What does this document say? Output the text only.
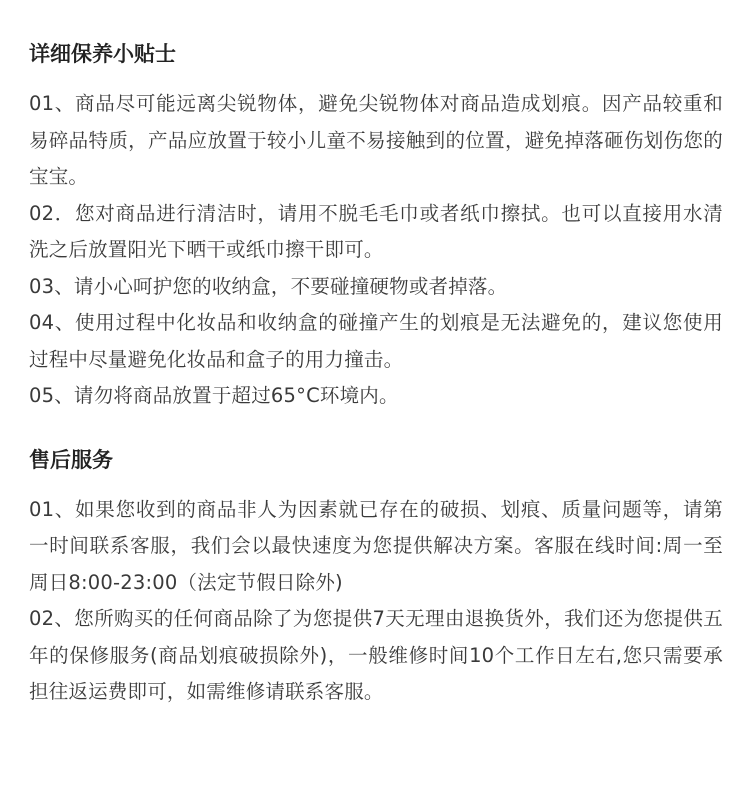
详细保养小贴士

01、商品尽可能远离尖锐物体，避免尖锐物体对商品造成划痕。因产品较重和易碎品特质，产品应放置于较小儿童不易接触到的位置，避免掉落砸伤划伤您的宝宝。

02．您对商品进行清洁时，请用不脱毛毛巾或者纸巾擦拭。也可以直接用水清洗之后放置阳光下晒干或纸巾擦干即可。

03、请小心呵护您的收纳盒，不要碰撞硬物或者掉落。

04、使用过程中化妆品和收纳盒的碰撞产生的划痕是无法避免的，建议您使用过程中尽量避免化妆品和盒子的用力撞击。

05、请勿将商品放置于超过65°C环境内。

售后服务

01、如果您收到的商品非人为因素就已存在的破损、划痕、质量问题等，请第一时间联系客服，我们会以最快速度为您提供解决方案。客服在线时间:周一至周日8:00-23:00（法定节假日除外)

02、您所购买的任何商品除了为您提供7天无理由退换货外，我们还为您提供五年的保修服务(商品划痕破损除外)，一般维修时间10个工作日左右,您只需要承担往返运费即可，如需维修请联系客服。
